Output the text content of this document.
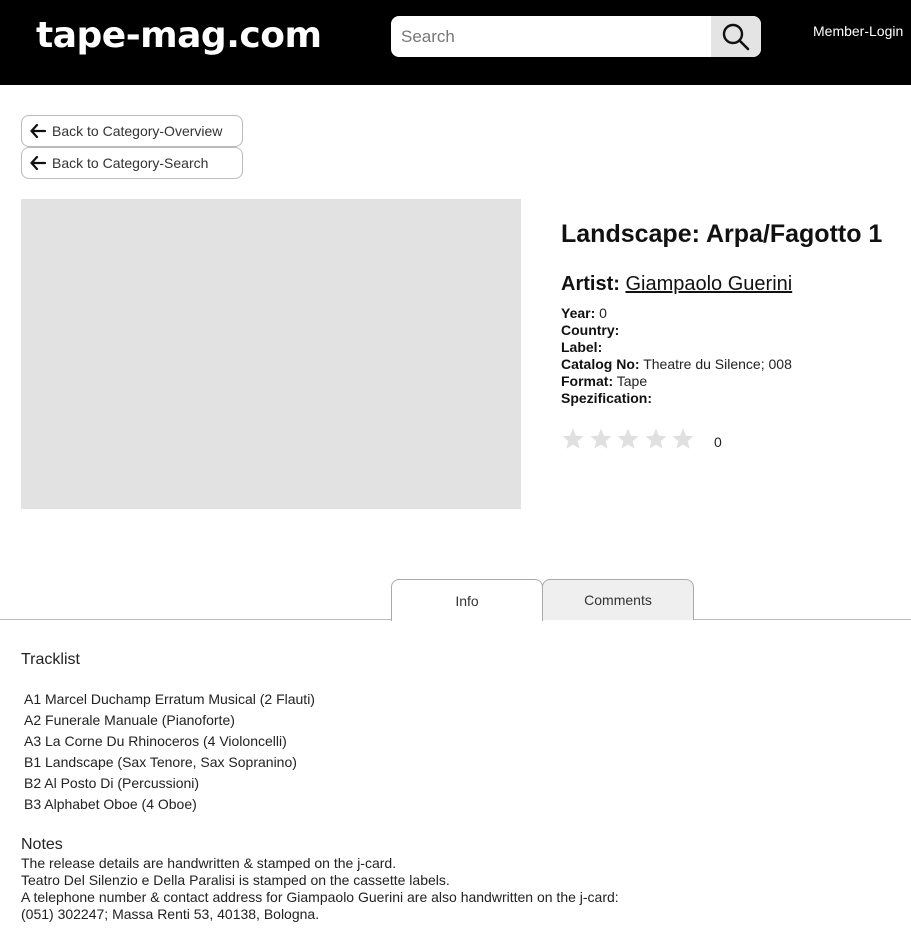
tape-mag.com
Search	Member-Login
Back to Category-Overview
Back to Category-Search
Landscape: Arpa/Fagotto 1
Artist: Giampaolo Guerini
Year: 0
Country:
Label:
Catalog No: Theatre du Silence; 008
Format: Tape
Spezification:
0
Info	Comments
Tracklist
A1 Marcel Duchamp Erratum Musical (2 Flauti)
A2 Funerale Manuale (Pianoforte)
A3 La Corne Du Rhinoceros (4 Violoncelli)
B1 Landscape (Sax Tenore, Sax Sopranino)
B2 Al Posto Di (Percussioni)
B3 Alphabet Oboe (4 Oboe)
Notes
The release details are handwritten & stamped on the j-card.
Teatro Del Silenzio e Della Paralisi is stamped on the cassette labels.
A telephone number & contact address for Giampaolo Guerini are also handwritten on the j-card:
(051) 302247; Massa Renti 53, 40138, Bologna.
